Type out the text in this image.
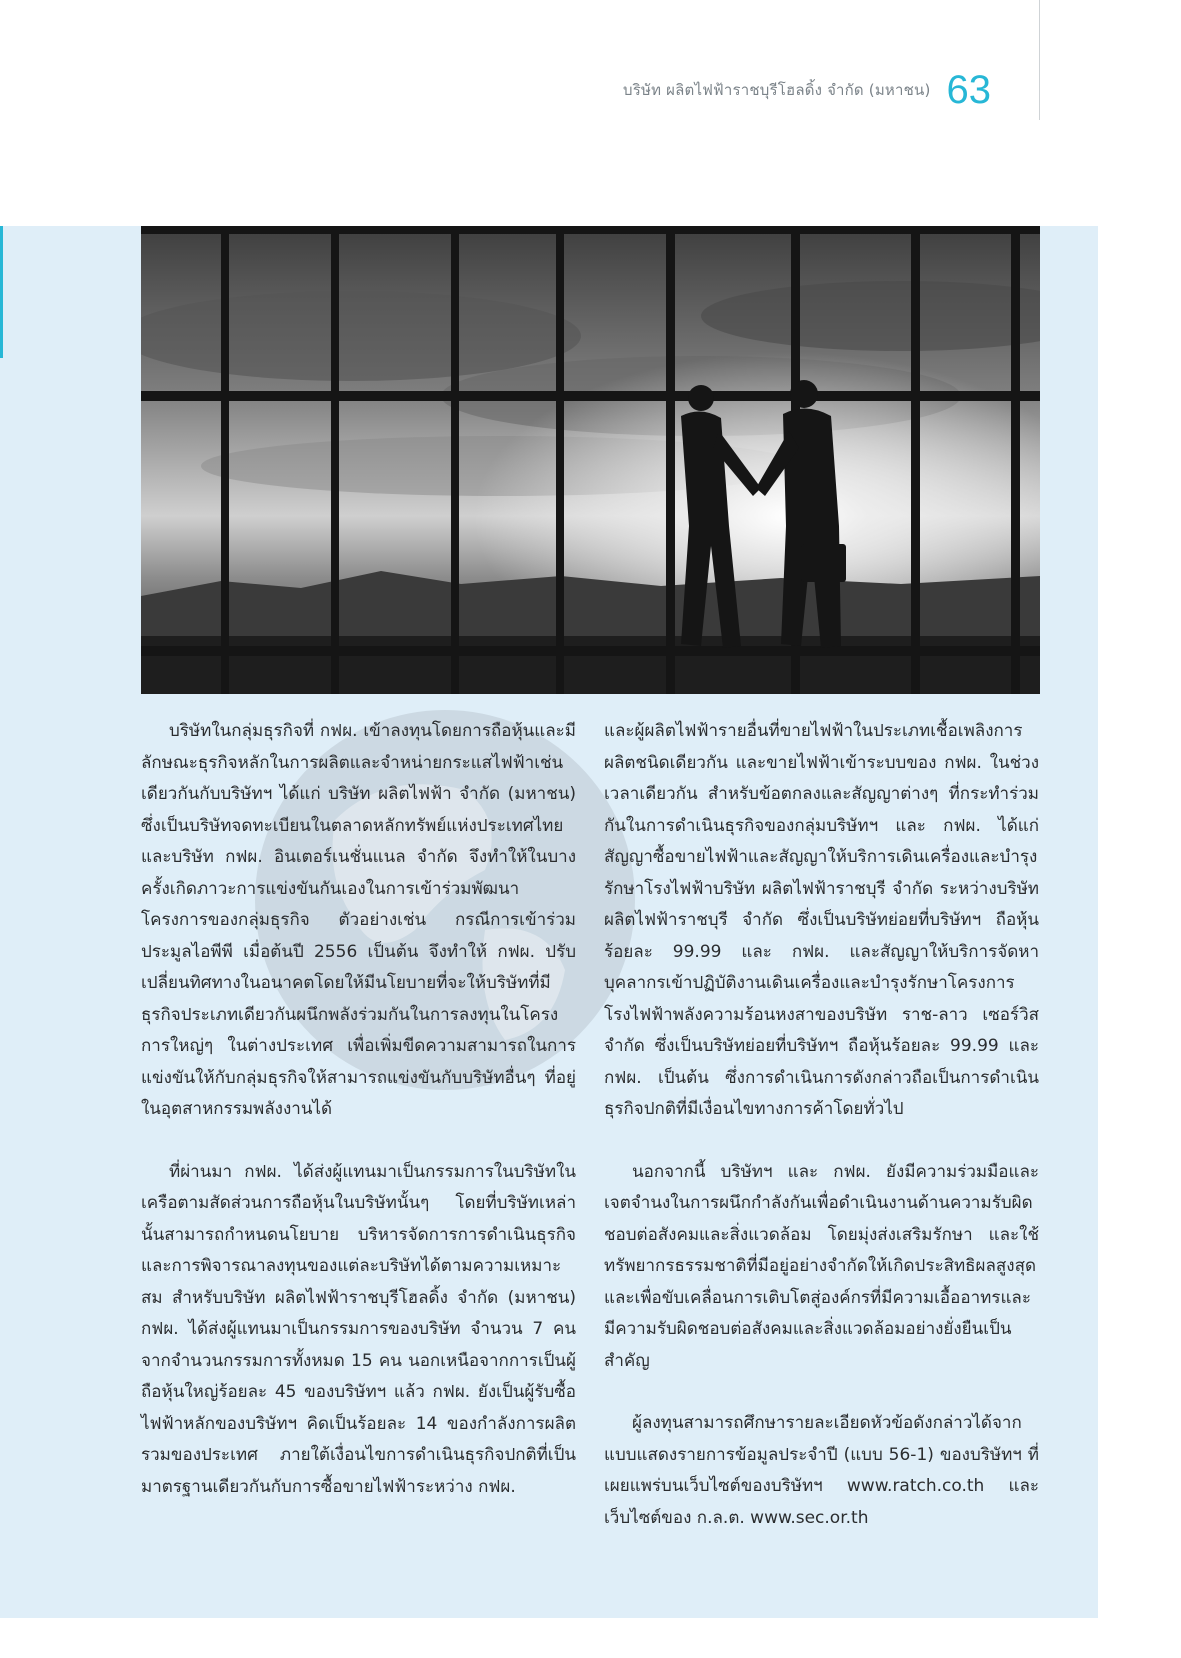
บริษัท ผลิตไฟฟ้าราชบุรีโฮลดิ้ง จำกัด (มหาชน) 63

บริษัทในกลุ่มธุรกิจที่ กฟผ. เข้าลงทุนโดยการถือหุ้นและมีลักษณะธุรกิจหลักในการผลิตและจำหน่ายกระแสไฟฟ้าเช่นเดียวกันกับบริษัทฯ ได้แก่ บริษัท ผลิตไฟฟ้า จำกัด (มหาชน) ซึ่งเป็นบริษัทจดทะเบียนในตลาดหลักทรัพย์แห่งประเทศไทย และบริษัท กฟผ. อินเตอร์เนชั่นแนล จำกัด จึงทำให้ในบางครั้งเกิดภาวะการแข่งขันกันเองในการเข้าร่วมพัฒนาโครงการของกลุ่มธุรกิจ ตัวอย่างเช่น กรณีการเข้าร่วมประมูลไอพีพี เมื่อต้นปี 2556 เป็นต้น จึงทำให้ กฟผ. ปรับเปลี่ยนทิศทางในอนาคตโดยให้มีนโยบายที่จะให้บริษัทที่มีธุรกิจประเภทเดียวกันผนึกพลังร่วมกันในการลงทุนในโครงการใหญ่ๆ ในต่างประเทศ เพื่อเพิ่มขีดความสามารถในการแข่งขันให้กับกลุ่มธุรกิจให้สามารถแข่งขันกับบริษัทอื่นๆ ที่อยู่ในอุตสาหกรรมพลังงานได้

ที่ผ่านมา กฟผ. ได้ส่งผู้แทนมาเป็นกรรมการในบริษัทในเครือตามสัดส่วนการถือหุ้นในบริษัทนั้นๆ โดยที่บริษัทเหล่านั้นสามารถกำหนดนโยบาย บริหารจัดการการดำเนินธุรกิจและการพิจารณาลงทุนของแต่ละบริษัทได้ตามความเหมาะสม สำหรับบริษัท ผลิตไฟฟ้าราชบุรีโฮลดิ้ง จำกัด (มหาชน) กฟผ. ได้ส่งผู้แทนมาเป็นกรรมการของบริษัท จำนวน 7 คน จากจำนวนกรรมการทั้งหมด 15 คน นอกเหนือจากการเป็นผู้ถือหุ้นใหญ่ร้อยละ 45 ของบริษัทฯ แล้ว กฟผ. ยังเป็นผู้รับซื้อไฟฟ้าหลักของบริษัทฯ คิดเป็นร้อยละ 14 ของกำลังการผลิตรวมของประเทศ ภายใต้เงื่อนไขการดำเนินธุรกิจปกติที่เป็นมาตรฐานเดียวกันกับการซื้อขายไฟฟ้าระหว่าง กฟผ.

และผู้ผลิตไฟฟ้ารายอื่นที่ขายไฟฟ้าในประเภทเชื้อเพลิงการผลิตชนิดเดียวกัน และขายไฟฟ้าเข้าระบบของ กฟผ. ในช่วงเวลาเดียวกัน สำหรับข้อตกลงและสัญญาต่างๆ ที่กระทำร่วมกันในการดำเนินธุรกิจของกลุ่มบริษัทฯ และ กฟผ. ได้แก่ สัญญาซื้อขายไฟฟ้าและสัญญาให้บริการเดินเครื่องและบำรุงรักษาโรงไฟฟ้าบริษัท ผลิตไฟฟ้าราชบุรี จำกัด ระหว่างบริษัท ผลิตไฟฟ้าราชบุรี จำกัด ซึ่งเป็นบริษัทย่อยที่บริษัทฯ ถือหุ้นร้อยละ 99.99 และ กฟผ. และสัญญาให้บริการจัดหาบุคลากรเข้าปฏิบัติงานเดินเครื่องและบำรุงรักษาโครงการโรงไฟฟ้าพลังความร้อนหงสาของบริษัท ราช-ลาว เซอร์วิส จำกัด ซึ่งเป็นบริษัทย่อยที่บริษัทฯ ถือหุ้นร้อยละ 99.99 และ กฟผ. เป็นต้น ซึ่งการดำเนินการดังกล่าวถือเป็นการดำเนินธุรกิจปกติที่มีเงื่อนไขทางการค้าโดยทั่วไป

นอกจากนี้ บริษัทฯ และ กฟผ. ยังมีความร่วมมือและเจตจำนงในการผนึกกำลังกันเพื่อดำเนินงานด้านความรับผิดชอบต่อสังคมและสิ่งแวดล้อม โดยมุ่งส่งเสริมรักษา และใช้ทรัพยากรธรรมชาติที่มีอยู่อย่างจำกัดให้เกิดประสิทธิผลสูงสุด และเพื่อขับเคลื่อนการเติบโตสู่องค์กรที่มีความเอื้ออาทรและมีความรับผิดชอบต่อสังคมและสิ่งแวดล้อมอย่างยั่งยืนเป็นสำคัญ

ผู้ลงทุนสามารถศึกษารายละเอียดหัวข้อดังกล่าวได้จากแบบแสดงรายการข้อมูลประจำปี (แบบ 56-1) ของบริษัทฯ ที่เผยแพร่บนเว็บไซต์ของบริษัทฯ www.ratch.co.th และเว็บไซต์ของ ก.ล.ต. www.sec.or.th
